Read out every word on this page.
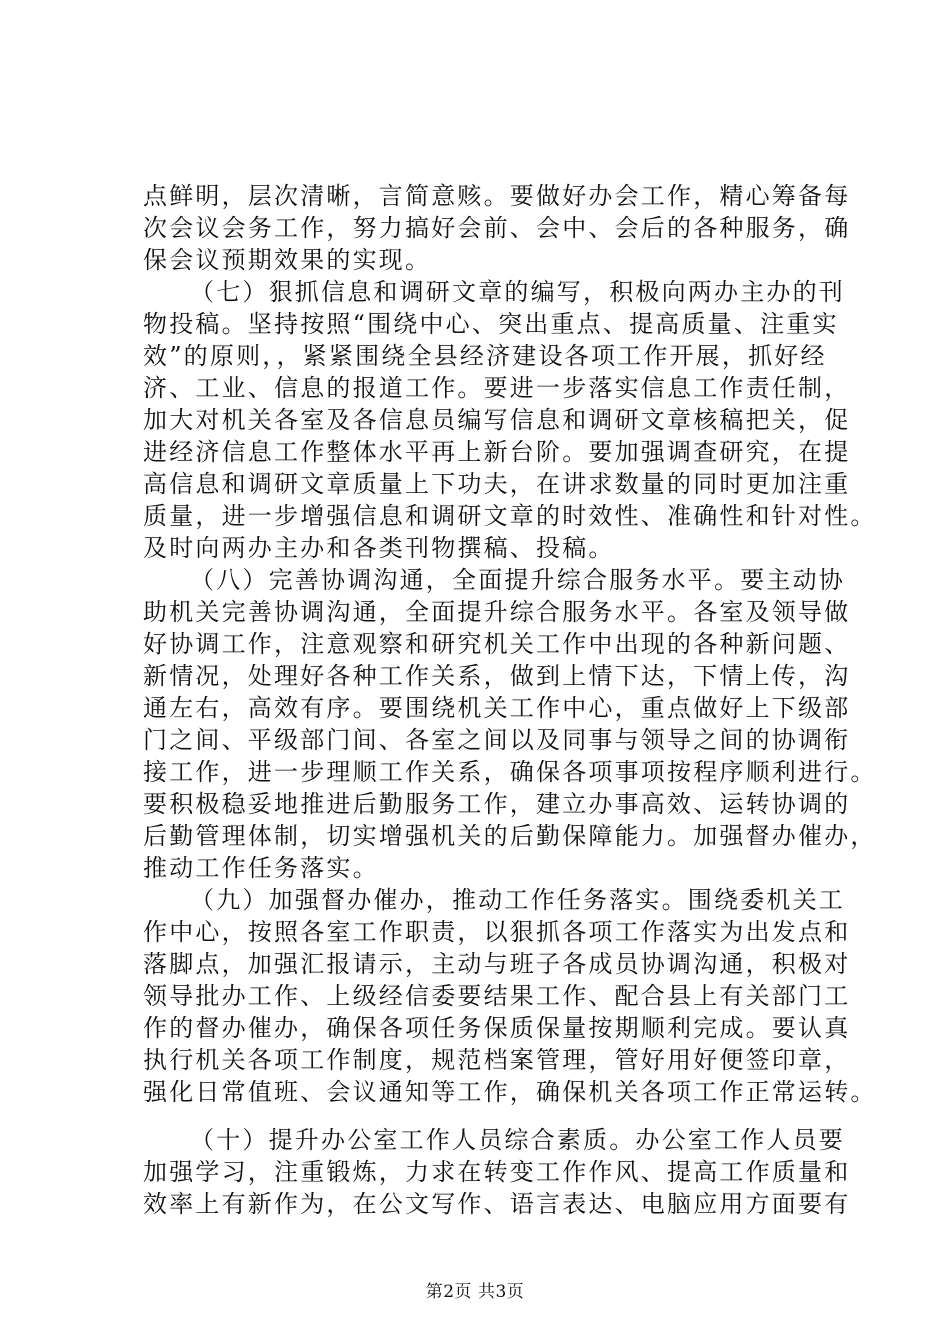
点鲜明，层次清晰，言简意赅。要做好办会工作，精心筹备每
次会议会务工作，努力搞好会前、会中、会后的各种服务，确
保会议预期效果的实现。
（七）狠抓信息和调研文章的编写，积极向两办主办的刊
物投稿。坚持按照“围绕中心、突出重点、提高质量、注重实
效”的原则，，紧紧围绕全县经济建设各项工作开展，抓好经
济、工业、信息的报道工作。要进一步落实信息工作责任制，
加大对机关各室及各信息员编写信息和调研文章核稿把关，促
进经济信息工作整体水平再上新台阶。要加强调查研究，在提
高信息和调研文章质量上下功夫，在讲求数量的同时更加注重
质量，进一步增强信息和调研文章的时效性、准确性和针对性。
及时向两办主办和各类刊物撰稿、投稿。
（八）完善协调沟通，全面提升综合服务水平。要主动协
助机关完善协调沟通，全面提升综合服务水平。各室及领导做
好协调工作，注意观察和研究机关工作中出现的各种新问题、
新情况，处理好各种工作关系，做到上情下达，下情上传，沟
通左右，高效有序。要围绕机关工作中心，重点做好上下级部
门之间、平级部门间、各室之间以及同事与领导之间的协调衔
接工作，进一步理顺工作关系，确保各项事项按程序顺利进行。
要积极稳妥地推进后勤服务工作，建立办事高效、运转协调的
后勤管理体制，切实增强机关的后勤保障能力。加强督办催办，
推动工作任务落实。
（九）加强督办催办，推动工作任务落实。围绕委机关工
作中心，按照各室工作职责，以狠抓各项工作落实为出发点和
落脚点，加强汇报请示，主动与班子各成员协调沟通，积极对
领导批办工作、上级经信委要结果工作、配合县上有关部门工
作的督办催办，确保各项任务保质保量按期顺利完成。要认真
执行机关各项工作制度，规范档案管理，管好用好便签印章，
强化日常值班、会议通知等工作，确保机关各项工作正常运转。
（十）提升办公室工作人员综合素质。办公室工作人员要
加强学习，注重锻炼，力求在转变工作作风、提高工作质量和
效率上有新作为，在公文写作、语言表达、电脑应用方面要有
第2页 共3页
